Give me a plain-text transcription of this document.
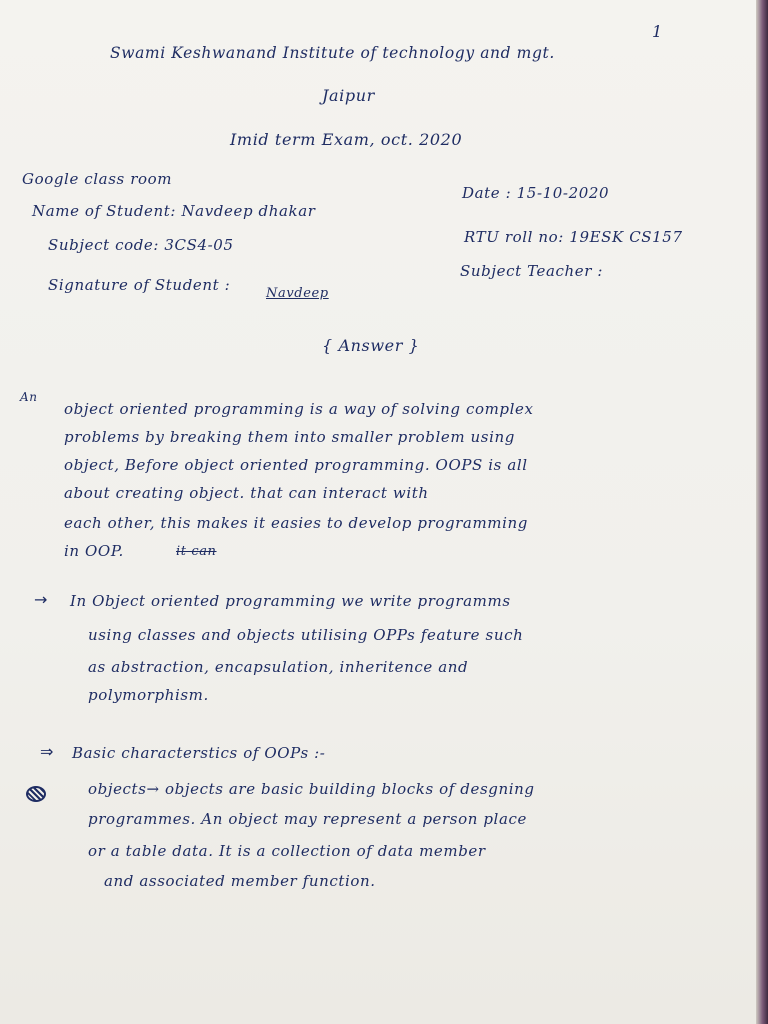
1
Swami Keshwanand Institute of technology and mgt.
Jaipur
Imid term Exam, oct. 2020
Google class room
Date : 15-10-2020
Name of Student: Navdeep dhakar
RTU roll no: 19ESK CS157
Subject code: 3CS4-05
Subject Teacher :
Signature of Student :	Navdeep
{ Answer }
An
object oriented programming is a way of solving complex
problems by breaking them into smaller problem using
object, Before object oriented programming. OOPS is all
about creating object. that can interact with
each other, this makes it easies to develop programming
in OOP.	it can
→ In Object oriented programming we write programms
using classes and objects utilising OPPs feature such
as abstraction, encapsulation, inheritence and
polymorphism.
⇒ Basic characterstics of OOPs :-
objects→ objects are basic building blocks of desgning
programmes. An object may represent a person place
or a table data. It is a collection of data member
and associated member function.
